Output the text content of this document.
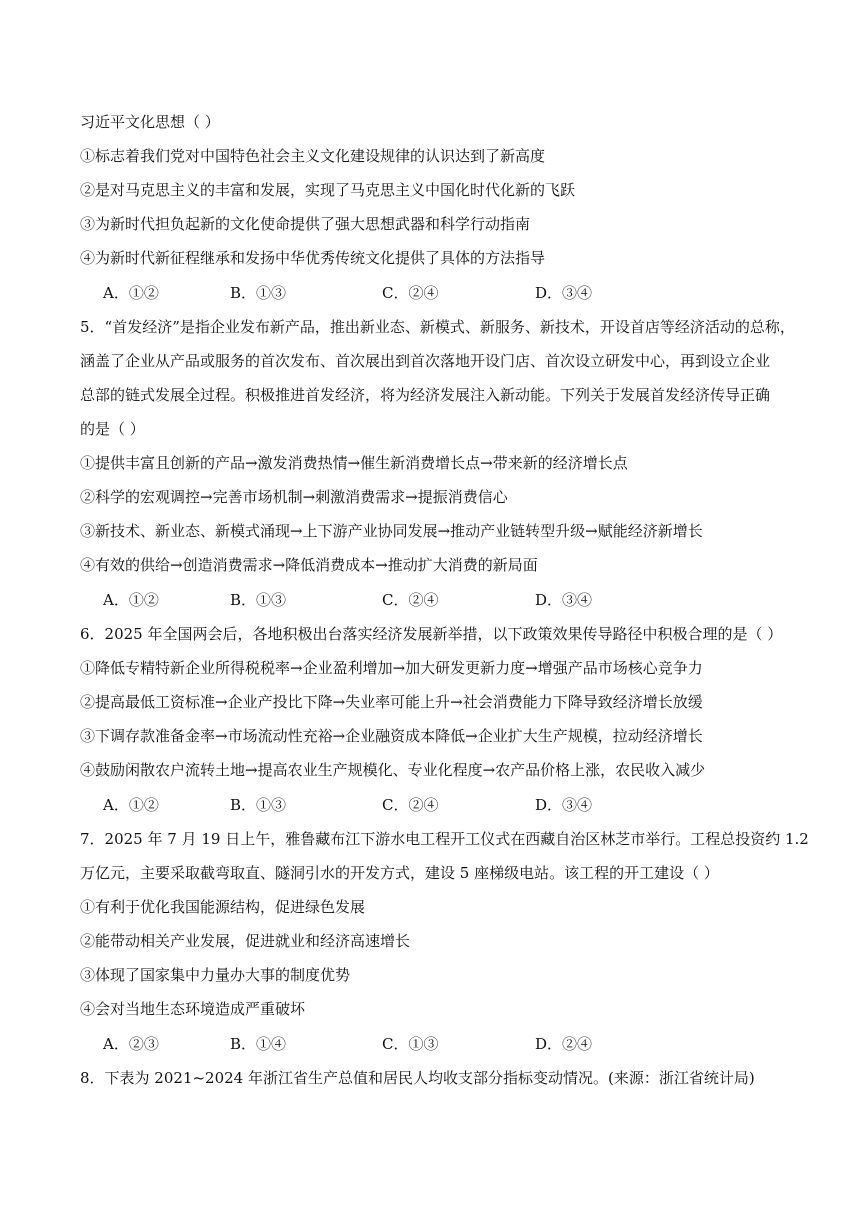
习近平文化思想（ ）
①标志着我们党对中国特色社会主义文化建设规律的认识达到了新高度
②是对马克思主义的丰富和发展，实现了马克思主义中国化时代化新的飞跃
③为新时代担负起新的文化使命提供了强大思想武器和科学行动指南
④为新时代新征程继承和发扬中华优秀传统文化提供了具体的方法指导
A．①②	B．①③	C．②④	D．③④
5．“首发经济”是指企业发布新产品，推出新业态、新模式、新服务、新技术，开设首店等经济活动的总称，
涵盖了企业从产品或服务的首次发布、首次展出到首次落地开设门店、首次设立研发中心，再到设立企业
总部的链式发展全过程。积极推进首发经济，将为经济发展注入新动能。下列关于发展首发经济传导正确
的是（ ）
①提供丰富且创新的产品→激发消费热情→催生新消费增长点→带来新的经济增长点
②科学的宏观调控→完善市场机制→刺激消费需求→提振消费信心
③新技术、新业态、新模式涌现→上下游产业协同发展→推动产业链转型升级→赋能经济新增长
④有效的供给→创造消费需求→降低消费成本→推动扩大消费的新局面
A．①②	B．①③	C．②④	D．③④
6．2025 年全国两会后，各地积极出台落实经济发展新举措，以下政策效果传导路径中积极合理的是（ ）
①降低专精特新企业所得税税率→企业盈利增加→加大研发更新力度→增强产品市场核心竞争力
②提高最低工资标准→企业产投比下降→失业率可能上升→社会消费能力下降导致经济增长放缓
③下调存款准备金率→市场流动性充裕→企业融资成本降低→企业扩大生产规模，拉动经济增长
④鼓励闲散农户流转土地→提高农业生产规模化、专业化程度→农产品价格上涨，农民收入减少
A．①②	B．①③	C．②④	D．③④
7．2025 年 7 月 19 日上午，雅鲁藏布江下游水电工程开工仪式在西藏自治区林芝市举行。工程总投资约 1.2
万亿元，主要采取截弯取直、隧洞引水的开发方式，建设 5 座梯级电站。该工程的开工建设（ ）
①有利于优化我国能源结构，促进绿色发展
②能带动相关产业发展，促进就业和经济高速增长
③体现了国家集中力量办大事的制度优势
④会对当地生态环境造成严重破坏
A．②③	B．①④	C．①③	D．②④
8．下表为 2021~2024 年浙江省生产总值和居民人均收支部分指标变动情况。(来源：浙江省统计局)
